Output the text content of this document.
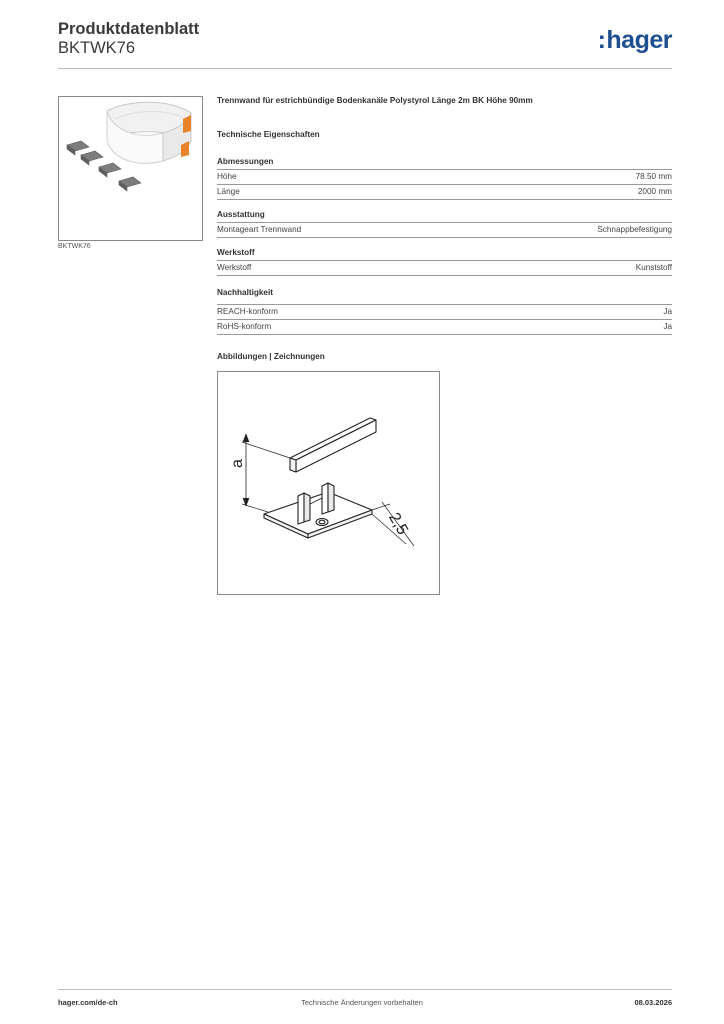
Produktdatenblatt
BKTWK76	:hager
BKTWK76
Trennwand für estrichbündige Bodenkanäle Polystyrol Länge 2m BK Höhe 90mm
Technische Eigenschaften
Abmessungen
Höhe	78.50 mm
Länge	2000 mm
Ausstattung
Montageart Trennwand	Schnappbefestigung
Werkstoff
Werkstoff	Kunststoff
Nachhaltigkeit
REACH-konform	Ja
RoHS-konform	Ja
Abbildungen | Zeichnungen
a
2,5
hager.com/de-ch	Technische Änderungen vorbehalten	08.03.2026
